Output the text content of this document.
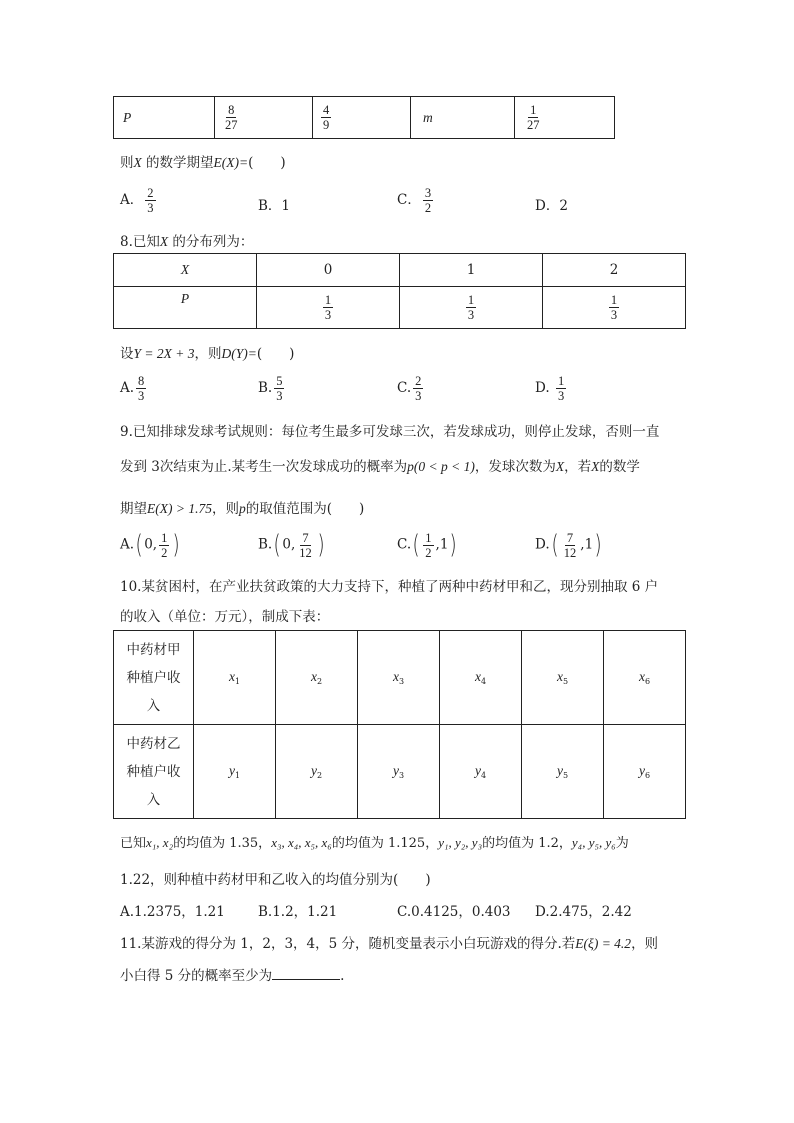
P	$\frac{8}{27}$	$\frac{4}{9}$	m	$\frac{1}{27}$
则X 的数学期望E(X)=(　　)
A． $\frac{2}{3}$	B．1	C． $\frac{3}{2}$	D．2
8.已知X 的分布列为：
X	0	1	2
P	$\frac{1}{3}$	$\frac{1}{3}$	$\frac{1}{3}$
设Y = 2X + 3，则D(Y)=(　　)
A. $\frac{8}{3}$	B. $\frac{5}{3}$	C. $\frac{2}{3}$	D. $\frac{1}{3}$
9.已知排球发球考试规则：每位考生最多可发球三次，若发球成功，则停止发球，否则一直
发到 3次结束为止.某考生一次发球成功的概率为p(0 < p < 1)，发球次数为X，若X的数学
期望E(X) > 1.75，则p的取值范围为(　　)
A.( 0, $\frac{1}{2}$ )	B.( 0, $\frac{7}{12}$ )	$C.( \frac{1}{2} ,1)$	$D.( \frac{7}{12} ,1)$
10.某贫困村，在产业扶贫政策的大力支持下，种植了两种中药材甲和乙，现分别抽取 6 户
的收入（单位：万元），制成下表：
中药材甲
种植户收
入	$x_1$	$x_2$	$x_3$	$x_4$	$x_5$	$x_6$

中药材乙
种植户收
入	$y_1$	$y_2$	$y_3$	$y_4$	$y_5$	$y_6$
已知x₁, x₂的均值为 1.35，x₃, x₄, x₅, x₆的均值为 1.125，y₁, y₂, y₃的均值为 1.2，y₄, y₅, y₆为
1.22，则种植中药材甲和乙收入的均值分别为(　　)
A.1.2375，1.21 B.1.2，1.21	C.0.4125，0.403 D.2.475，2.42
11.某游戏的得分为 1，2，3，4，5 分，随机变量表示小白玩游戏的得分.若E(ξ) = 4.2，则
小白得 5 分的概率至少为	.
